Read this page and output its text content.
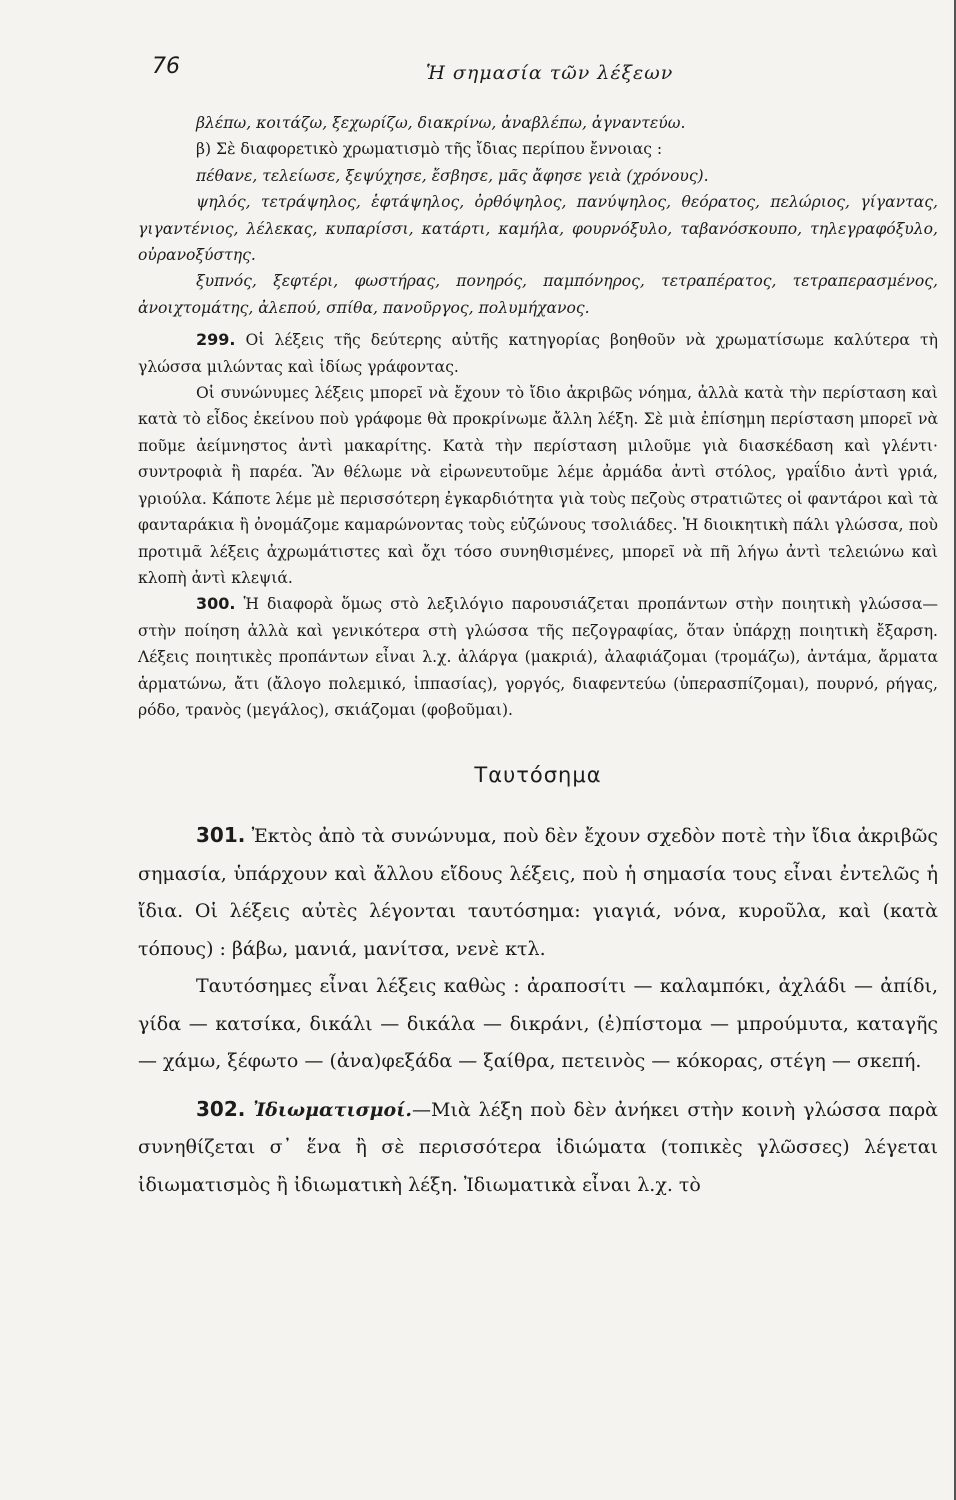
76	Ἡ σημασία τῶν λέξεων

βλέπω, κοιτάζω, ξεχωρίζω, διακρίνω, ἀναβλέπω, ἀγναντεύω.

β) Σὲ διαφορετικὸ χρωματισμὸ τῆς ἴδιας περίπου ἔννοιας :

πέθανε, τελείωσε, ξεψύχησε, ἔσβησε, μᾶς ἄφησε γειὰ (χρόνους).

ψηλός, τετράψηλος, ἑφτάψηλος, ὀρθόψηλος, πανύψηλος, θεόρατος, πελώριος, γίγαντας, γιγαντένιος, λέλεκας, κυπαρίσσι, κατάρτι, καμήλα, φουρνόξυλο, ταβανόσκουπο, τηλεγραφόξυλο, οὐρανοξύστης.

ξυπνός, ξεφτέρι, φωστήρας, πονηρός, παμπόνηρος, τετραπέρατος, τετραπερασμένος, ἀνοιχτομάτης, ἀλεπού, σπίθα, πανοῦργος, πολυμήχανος.

299. Οἱ λέξεις τῆς δεύτερης αὐτῆς κατηγορίας βοηθοῦν νὰ χρωματίσωμε καλύτερα τὴ γλώσσα μιλώντας καὶ ἰδίως γράφοντας.

Οἱ συνώνυμες λέξεις μπορεῖ νὰ ἔχουν τὸ ἴδιο ἀκριβῶς νόημα, ἀλλὰ κατὰ τὴν περίσταση καὶ κατὰ τὸ εἶδος ἐκείνου ποὺ γράφομε θὰ προκρίνωμε ἄλλη λέξη. Σὲ μιὰ ἐπίσημη περίσταση μπορεῖ νὰ ποῦμε ἀείμνηστος ἀντὶ μακαρίτης. Κατὰ τὴν περίσταση μιλοῦμε γιὰ διασκέδαση καὶ γλέντι· συντροφιὰ ἢ παρέα. Ἂν θέλωμε νὰ εἰρωνευτοῦμε λέμε ἀρμάδα ἀντὶ στόλος, γραΐδιο ἀντὶ γριά, γριούλα. Κάποτε λέμε μὲ περισσότερη ἐγκαρδιότητα γιὰ τοὺς πεζοὺς στρατιῶτες οἱ φαντάροι καὶ τὰ φανταράκια ἢ ὀνομάζομε καμαρώνοντας τοὺς εὐζώνους τσολιάδες. Ἡ διοικητικὴ πάλι γλώσσα, ποὺ προτιμᾶ λέξεις ἀχρωμάτιστες καὶ ὄχι τόσο συνηθισμένες, μπορεῖ νὰ πῆ λήγω ἀντὶ τελειώνω καὶ κλοπὴ ἀντὶ κλεψιά.

300. Ἡ διαφορὰ ὅμως στὸ λεξιλόγιο παρουσιάζεται προπάντων στὴν ποιητικὴ γλώσσα—στὴν ποίηση ἀλλὰ καὶ γενικότερα στὴ γλώσσα τῆς πεζογραφίας, ὅταν ὑπάρχῃ ποιητικὴ ἔξαρση. Λέξεις ποιητικὲς προπάντων εἶναι λ.χ. ἀλάργα (μακριά), ἀλαφιάζομαι (τρομάζω), ἀντάμα, ἄρματα ἁρματώνω, ἄτι (ἄλογο πολεμικό, ἱππασίας), γοργός, διαφεντεύω (ὑπερασπίζομαι), πουρνό, ρήγας, ρόδο, τρανὸς (μεγάλος), σκιάζομαι (φοβοῦμαι).

Ταυτόσημα

301. Ἐκτὸς ἀπὸ τὰ συνώνυμα, ποὺ δὲν ἔχουν σχεδὸν ποτὲ τὴν ἴδια ἀκριβῶς σημασία, ὑπάρχουν καὶ ἄλλου εἴδους λέξεις, ποὺ ἡ σημασία τους εἶναι ἐντελῶς ἡ ἴδια. Οἱ λέξεις αὐτὲς λέγονται ταυτόσημα: γιαγιά, νόνα, κυροῦλα, καὶ (κατὰ τόπους) : βάβω, μανιά, μανίτσα, νενὲ κτλ.

Ταυτόσημες εἶναι λέξεις καθὼς : ἀραποσίτι — καλαμπόκι, ἀχλάδι — ἀπίδι, γίδα — κατσίκα, δικάλι — δικάλα — δικράνι, (ἐ)πίστομα — μπρούμυτα, καταγῆς — χάμω, ξέφωτο — (ἀνα)φεξάδα — ξαίθρα, πετεινὸς — κόκορας, στέγη — σκεπή.

302. Ἰδιωματισμοί.—Μιὰ λέξη ποὺ δὲν ἀνήκει στὴν κοινὴ γλώσσα παρὰ συνηθίζεται σ᾽ ἕνα ἢ σὲ περισσότερα ἰδιώματα (τοπικὲς γλῶσσες) λέγεται ἰδιωματισμὸς ἢ ἰδιωματικὴ λέξη. Ἰδιωματικὰ εἶναι λ.χ. τὸ
